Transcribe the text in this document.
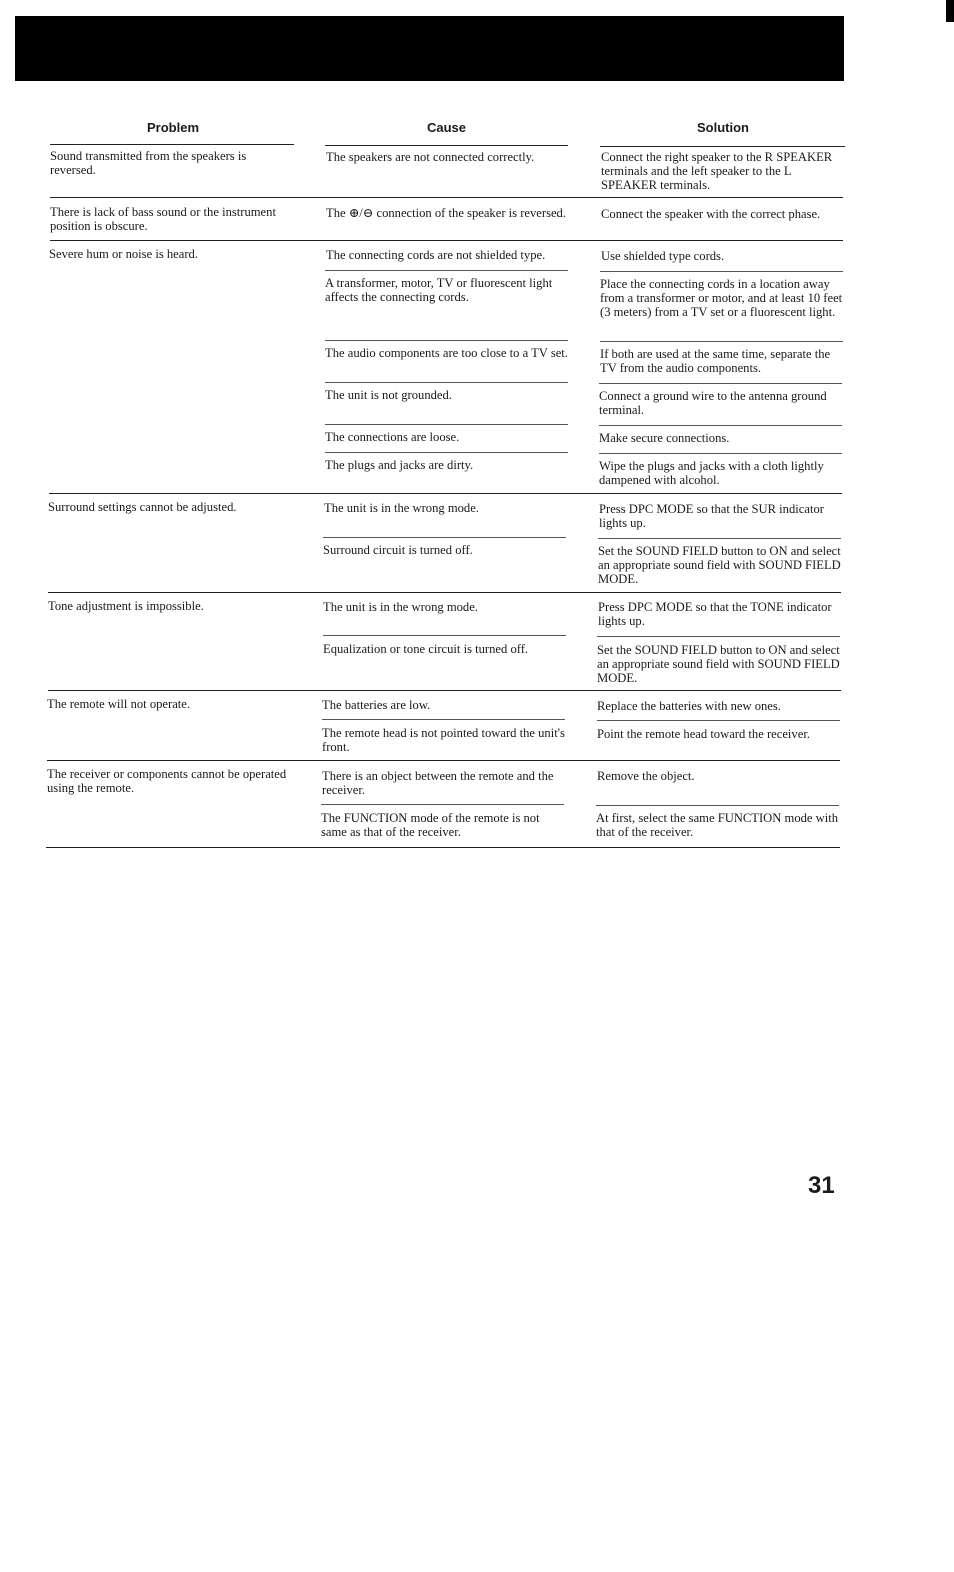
Problem	Cause	Solution
Sound transmitted from the speakers is reversed.
There is lack of bass sound or the instrument position is obscure.
Severe hum or noise is heard.
Surround settings cannot be adjusted.
Tone adjustment is impossible.
The remote will not operate.
The receiver or components cannot be operated using the remote.
The speakers are not connected correctly.
The ⊕/⊖ connection of the speaker is reversed.
The connecting cords are not shielded type.
A transformer, motor, TV or fluorescent light affects the connecting cords.
The audio components are too close to a TV set.
The unit is not grounded.
The connections are loose.
The plugs and jacks are dirty.
The unit is in the wrong mode.
Surround circuit is turned off.
The unit is in the wrong mode.
Equalization or tone circuit is turned off.
The batteries are low.
The remote head is not pointed toward the unit's front.
There is an object between the remote and the receiver.
The FUNCTION mode of the remote is not same as that of the receiver.
Connect the right speaker to the R SPEAKER terminals and the left speaker to the L SPEAKER terminals.
Connect the speaker with the correct phase.
Use shielded type cords.
Place the connecting cords in a location away from a transformer or motor, and at least 10 feet (3 meters) from a TV set or a fluorescent light.
If both are used at the same time, separate the TV from the audio components.
Connect a ground wire to the antenna ground terminal.
Make secure connections.
Wipe the plugs and jacks with a cloth lightly dampened with alcohol.
Press DPC MODE so that the SUR indicator lights up.
Set the SOUND FIELD button to ON and select an appropriate sound field with SOUND FIELD MODE.
Press DPC MODE so that the TONE indicator lights up.
Set the SOUND FIELD button to ON and select an appropriate sound field with SOUND FIELD MODE.
Replace the batteries with new ones.
Point the remote head toward the receiver.
Remove the object.
At first, select the same FUNCTION mode with that of the receiver.
31
